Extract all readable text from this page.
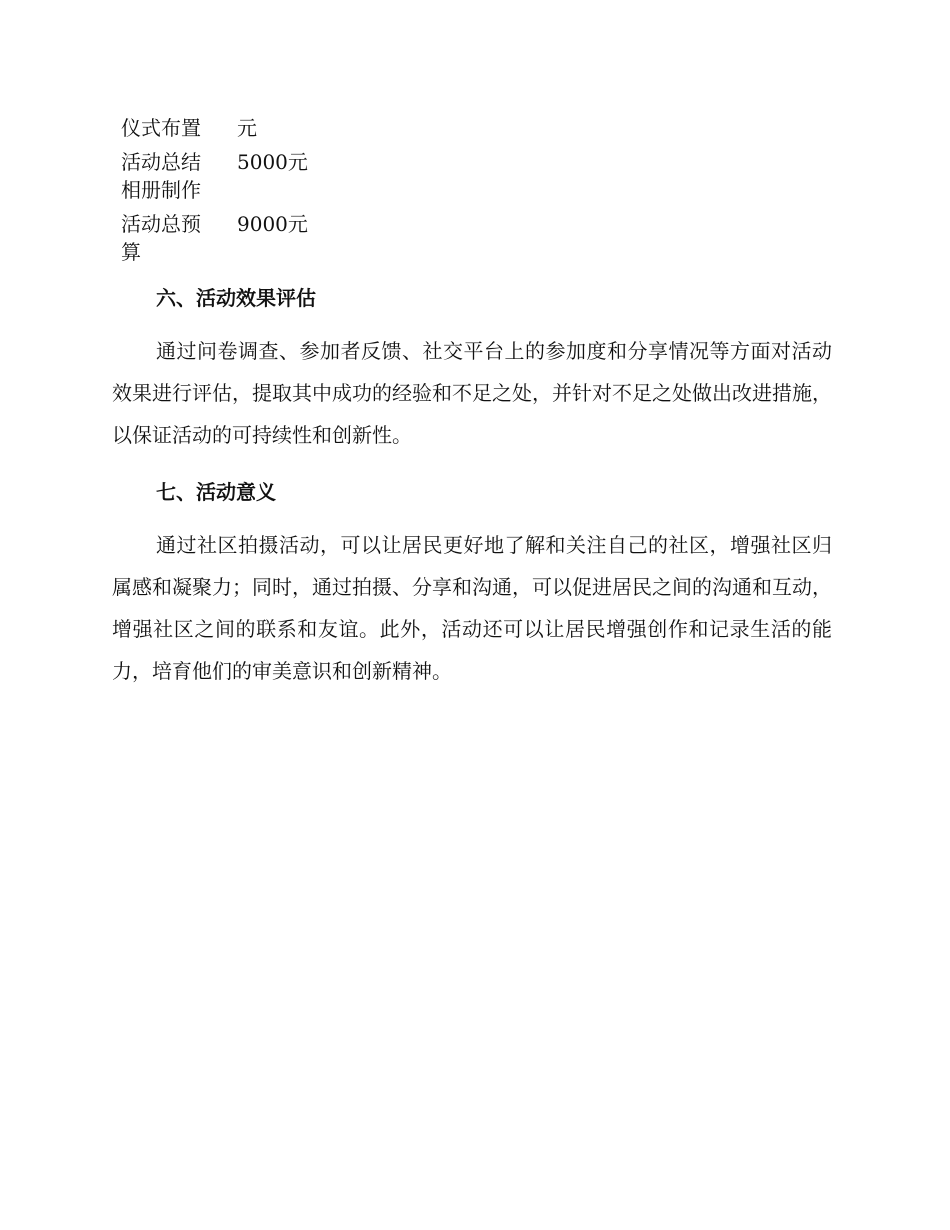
仪式布置	元
活动总结相册制作
5000元
活动总预算
9000元
六、活动效果评估

通过问卷调查、参加者反馈、社交平台上的参加度和分享情况等方面对活动效果进行评估，提取其中成功的经验和不足之处，并针对不足之处做出改进措施，以保证活动的可持续性和创新性。

七、活动意义

通过社区拍摄活动，可以让居民更好地了解和关注自己的社区，增强社区归属感和凝聚力；同时，通过拍摄、分享和沟通，可以促进居民之间的沟通和互动，增强社区之间的联系和友谊。此外，活动还可以让居民增强创作和记录生活的能力，培育他们的审美意识和创新精神。
